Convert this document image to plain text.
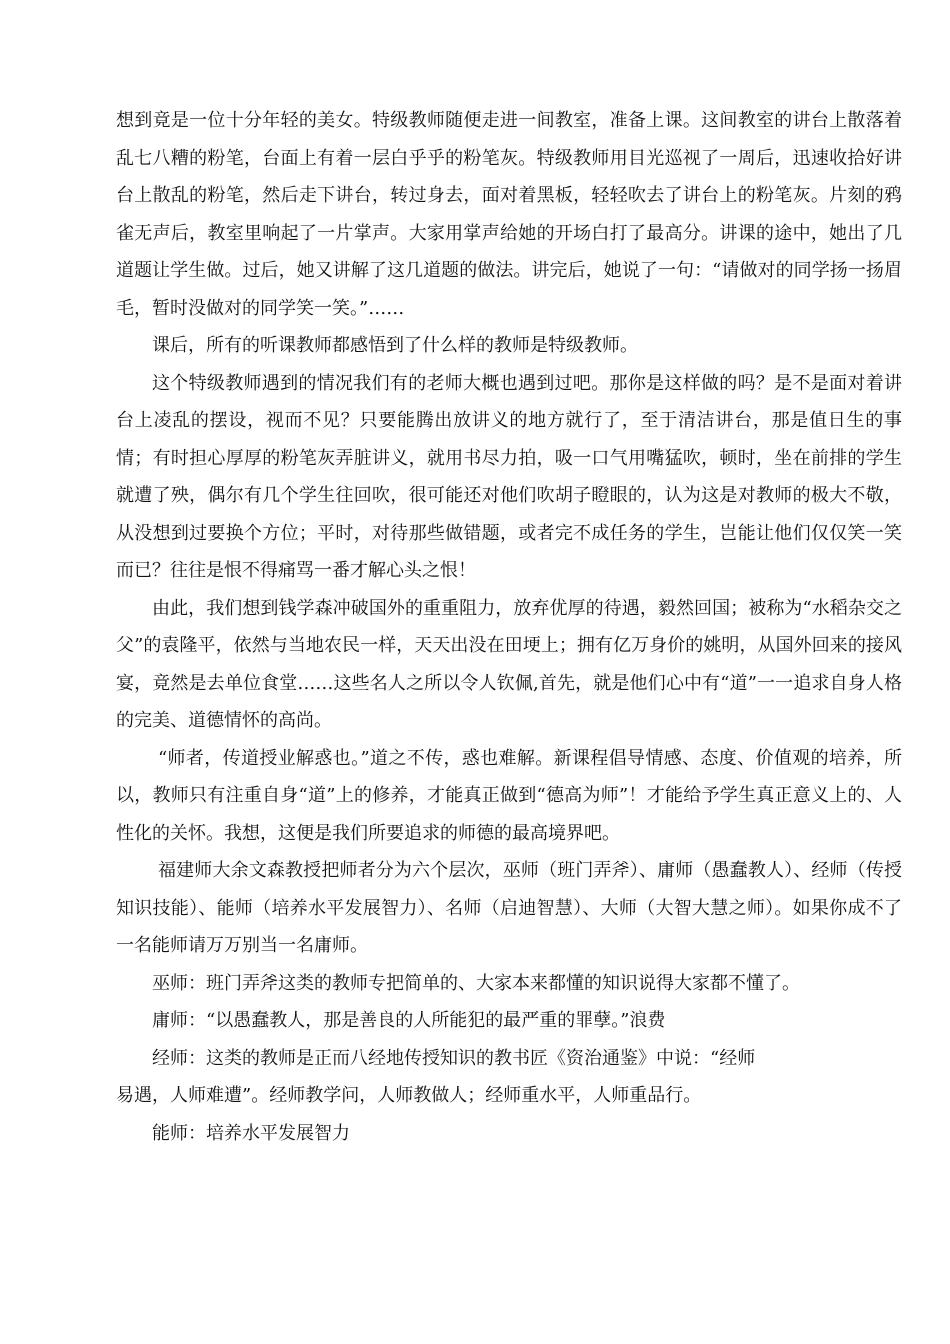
想到竟是一位十分年轻的美女。特级教师随便走进一间教室，准备上课。这间教室的讲台上散落着乱七八糟的粉笔，台面上有着一层白乎乎的粉笔灰。特级教师用目光巡视了一周后，迅速收拾好讲台上散乱的粉笔，然后走下讲台，转过身去，面对着黑板，轻轻吹去了讲台上的粉笔灰。片刻的鸦雀无声后，教室里响起了一片掌声。大家用掌声给她的开场白打了最高分。讲课的途中，她出了几道题让学生做。过后，她又讲解了这几道题的做法。讲完后，她说了一句：“请做对的同学扬一扬眉毛，暂时没做对的同学笑一笑。”……

课后，所有的听课教师都感悟到了什么样的教师是特级教师。

这个特级教师遇到的情况我们有的老师大概也遇到过吧。那你是这样做的吗？是不是面对着讲台上凌乱的摆设，视而不见？只要能腾出放讲义的地方就行了，至于清洁讲台，那是值日生的事情；有时担心厚厚的粉笔灰弄脏讲义，就用书尽力拍，吸一口气用嘴猛吹，顿时，坐在前排的学生就遭了殃，偶尔有几个学生往回吹，很可能还对他们吹胡子瞪眼的，认为这是对教师的极大不敬，从没想到过要换个方位；平时，对待那些做错题，或者完不成任务的学生，岂能让他们仅仅笑一笑而已？往往是恨不得痛骂一番才解心头之恨！

由此，我们想到钱学森冲破国外的重重阻力，放弃优厚的待遇，毅然回国；被称为“水稻杂交之父”的袁隆平，依然与当地农民一样，天天出没在田埂上；拥有亿万身价的姚明，从国外回来的接风宴，竟然是去单位食堂……这些名人之所以令人钦佩,首先，就是他们心中有“道”一一追求自身人格的完美、道德情怀的高尚。

“师者，传道授业解惑也。”道之不传，惑也难解。新课程倡导情感、态度、价值观的培养，所以，教师只有注重自身“道”上的修养，才能真正做到“德高为师”！才能给予学生真正意义上的、人性化的关怀。我想，这便是我们所要追求的师德的最高境界吧。

福建师大余文森教授把师者分为六个层次，巫师（班门弄斧）、庸师（愚蠢教人）、经师（传授知识技能）、能师（培养水平发展智力）、名师（启迪智慧）、大师（大智大慧之师）。如果你成不了一名能师请万万别当一名庸师。

巫师：班门弄斧这类的教师专把简单的、大家本来都懂的知识说得大家都不懂了。

庸师：“以愚蠢教人，那是善良的人所能犯的最严重的罪孽。”浪费

经师：这类的教师是正而八经地传授知识的教书匠《资治通鉴》中说：“经师

易遇，人师难遭”。经师教学问，人师教做人；经师重水平，人师重品行。

能师：培养水平发展智力
